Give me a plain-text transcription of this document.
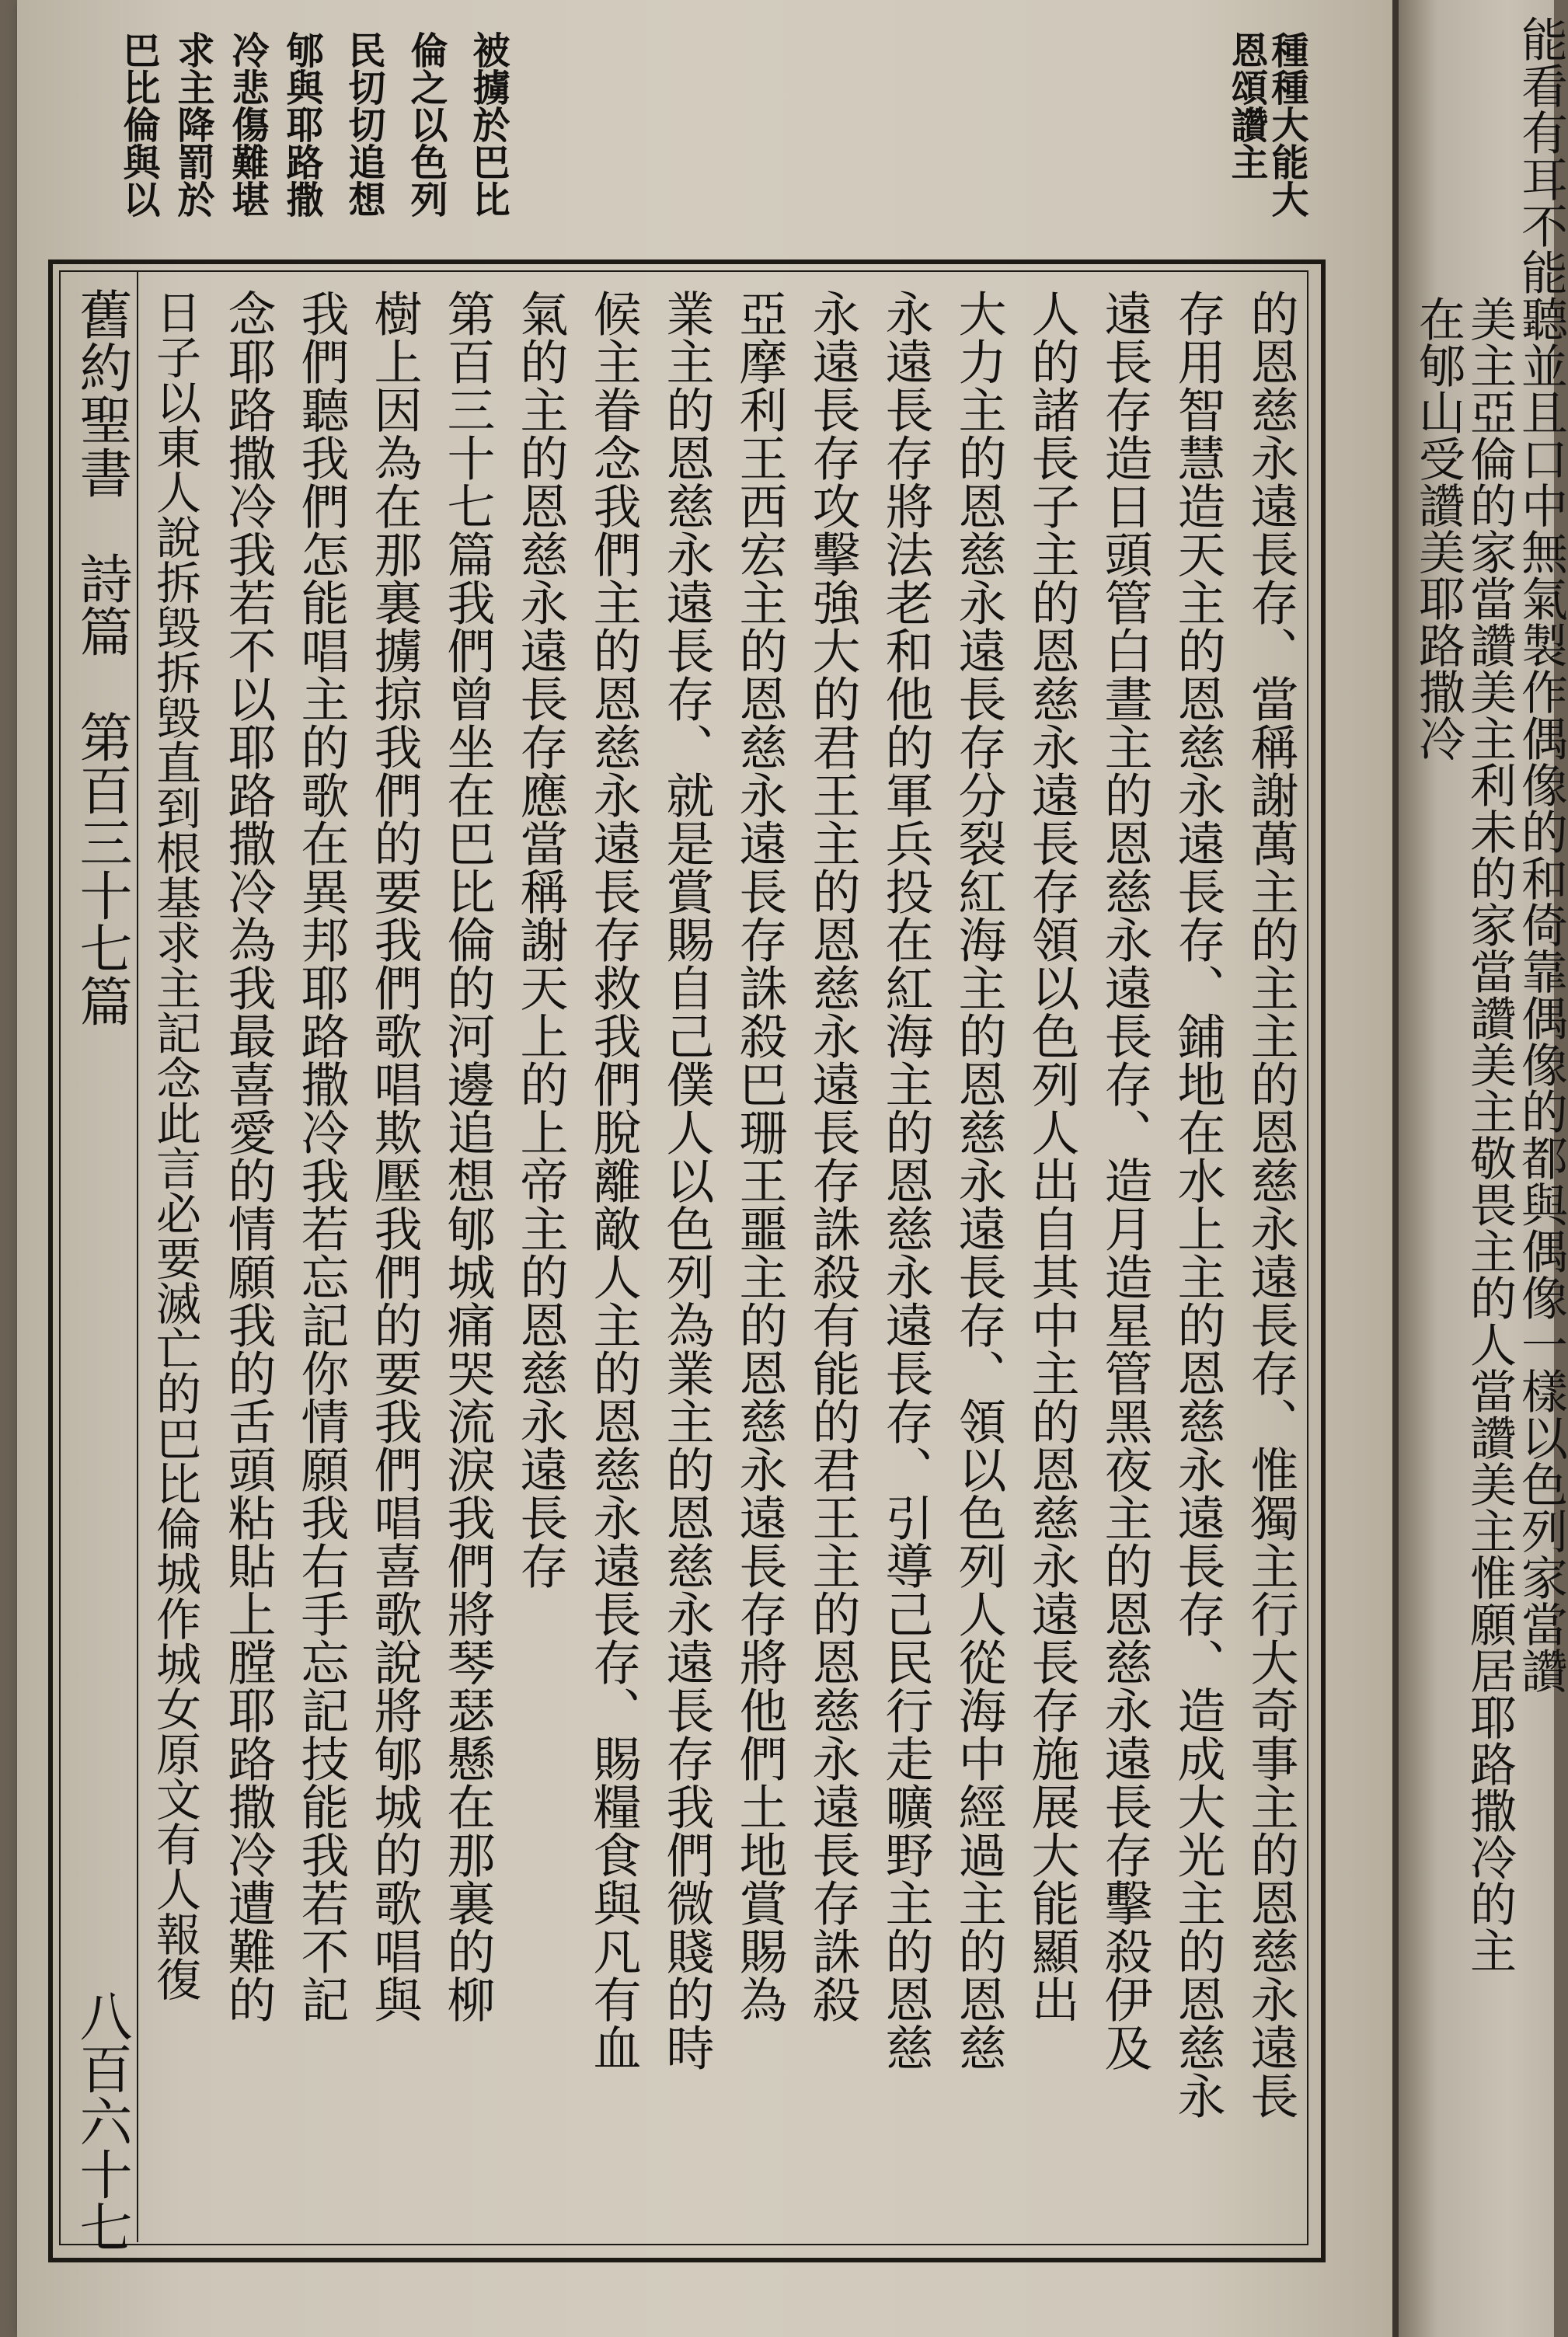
能看有耳不能聽並且口中無氣製作偶像的和倚靠偶像的都與偶像一樣以色列家當讚
美主亞倫的家當讚美主利未的家當讚美主敬畏主的人當讚美主惟願居耶路撒冷的主
在郇山受讚美耶路撒冷
種種大能大
恩頌讚主
被擄於巴比
倫之以色列
民切切追想
郇與耶路撒
冷悲傷難堪
求主降罰於
巴比倫與以
的恩慈永遠長存、當稱謝萬主的主主的恩慈永遠長存、惟獨主行大奇事主的恩慈永遠長
存用智慧造天主的恩慈永遠長存、鋪地在水上主的恩慈永遠長存、造成大光主的恩慈永
遠長存造日頭管白晝主的恩慈永遠長存、造月造星管黑夜主的恩慈永遠長存擊殺伊及
人的諸長子主的恩慈永遠長存領以色列人出自其中主的恩慈永遠長存施展大能顯出
大力主的恩慈永遠長存分裂紅海主的恩慈永遠長存、領以色列人從海中經過主的恩慈
永遠長存將法老和他的軍兵投在紅海主的恩慈永遠長存、引導己民行走曠野主的恩慈
永遠長存攻擊強大的君王主的恩慈永遠長存誅殺有能的君王主的恩慈永遠長存誅殺
亞摩利王西宏主的恩慈永遠長存誅殺巴珊王噩主的恩慈永遠長存將他們土地賞賜為
業主的恩慈永遠長存、就是賞賜自己僕人以色列為業主的恩慈永遠長存我們微賤的時
候主眷念我們主的恩慈永遠長存救我們脫離敵人主的恩慈永遠長存、賜糧食與凡有血
氣的主的恩慈永遠長存應當稱謝天上的上帝主的恩慈永遠長存
第百三十七篇我們曾坐在巴比倫的河邊追想郇城痛哭流淚我們將琴瑟懸在那裏的柳
樹上因為在那裏擄掠我們的要我們歌唱欺壓我們的要我們唱喜歌說將郇城的歌唱與
我們聽我們怎能唱主的歌在異邦耶路撒冷我若忘記你情願我右手忘記技能我若不記
念耶路撒冷我若不以耶路撒冷為我最喜愛的情願我的舌頭粘貼上膛耶路撒冷遭難的
日子以東人說拆毀拆毀直到根基求主記念此言必要滅亡的巴比倫城作城女原文有人報復
舊約聖書　詩篇　第百三十七篇
八百六十七
